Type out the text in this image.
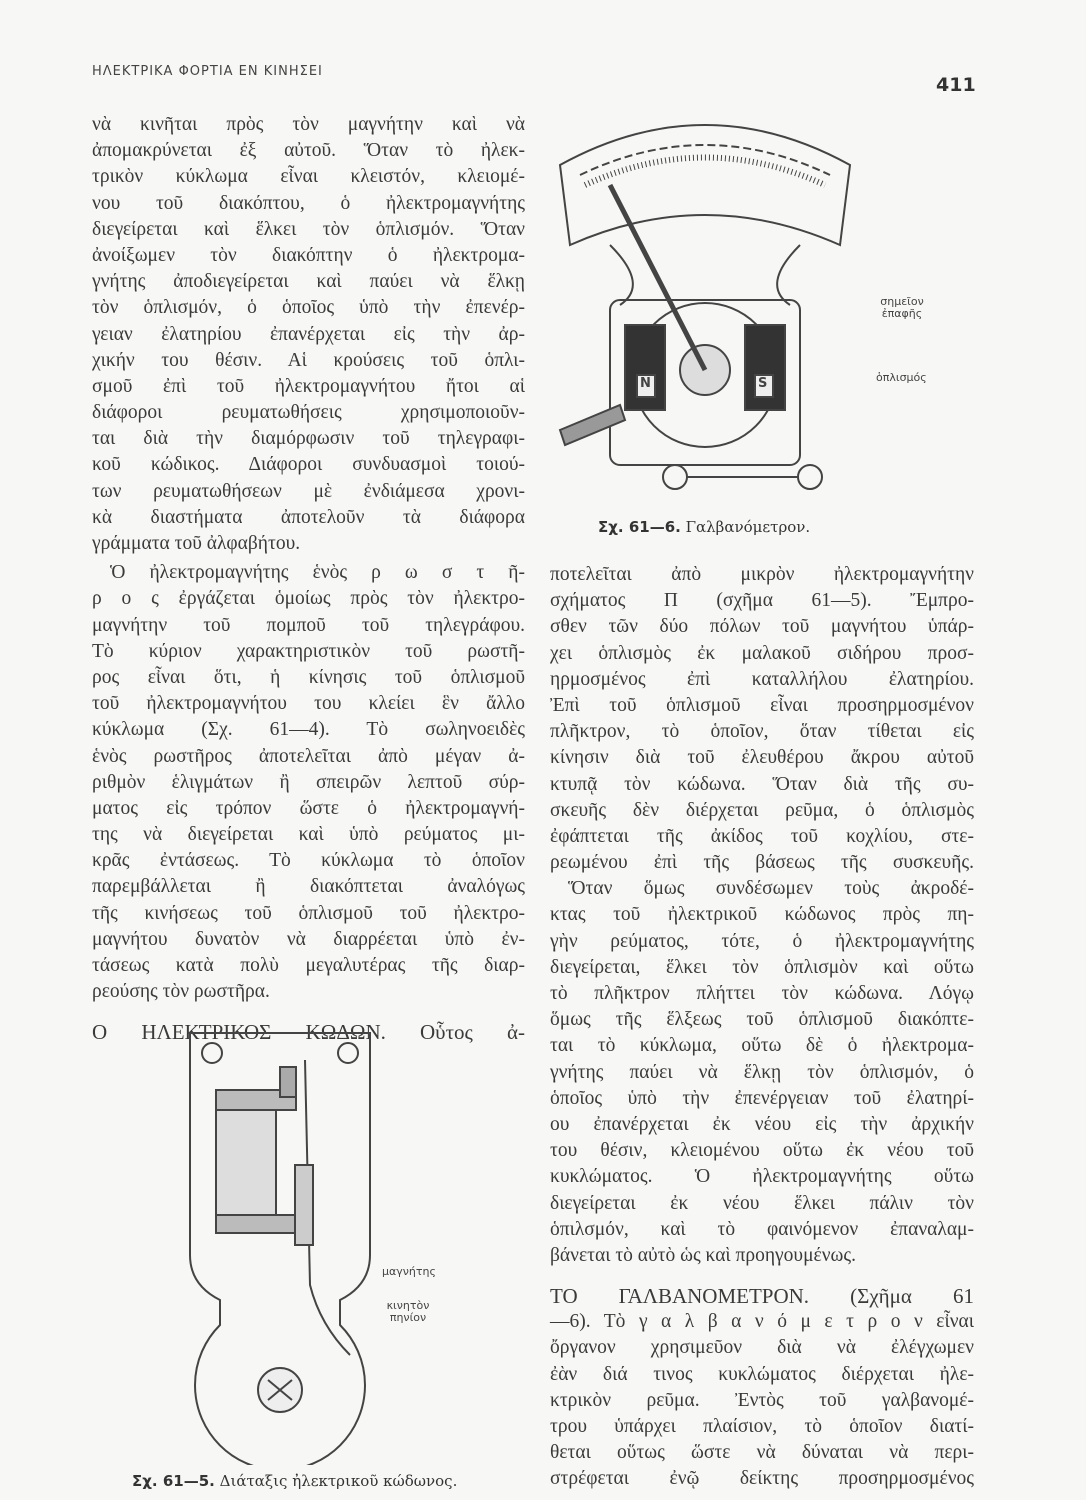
ΗΛΕΚΤΡΙΚΑ ΦΟΡΤΙΑ ΕΝ ΚΙΝΗΣΕΙ
411
νὰ κινῆται πρὸς τὸν μαγνήτην καὶ νὰ
ἀπομακρύνεται ἐξ αὐτοῦ. Ὅταν τὸ ἠλεκ-
τρικὸν κύκλωμα εἶναι κλειστόν, κλειομέ-
νου τοῦ διακόπτου, ὁ ἠλεκτρομαγνήτης
διεγείρεται καὶ ἕλκει τὸν ὁπλισμόν. Ὅταν
ἀνοίξωμεν τὸν διακόπτην ὁ ἠλεκτρομα-
γνήτης ἀποδιεγείρεται καὶ παύει νὰ ἕλκῃ
τὸν ὁπλισμόν, ὁ ὁποῖος ὑπὸ τὴν ἐπενέρ-
γειαν ἐλατηρίου ἐπανέρχεται εἰς τὴν ἀρ-
χικήν του θέσιν. Αἱ κρούσεις τοῦ ὁπλι-
σμοῦ ἐπὶ τοῦ ἠλεκτρομαγνήτου ἤτοι αἱ
διάφοροι ρευματωθήσεις χρησιμοποιοῦν-
ται διὰ τὴν διαμόρφωσιν τοῦ τηλεγραφι-
κοῦ κώδικος. Διάφοροι συνδυασμοὶ τοιού-
των ρευματωθήσεων μὲ ἐνδιάμεσα χρονι-
κὰ διαστήματα ἀποτελοῦν τὰ διάφορα
γράμματα τοῦ ἀλφαβήτου.
Ὁ ἠλεκτρομαγνήτης ἑνὸς ρ ω σ τ ῆ-
ρ ο ς ἐργάζεται ὁμοίως πρὸς τὸν ἠλεκτρο-
μαγνήτην τοῦ πομποῦ τοῦ τηλεγράφου.
Τὸ κύριον χαρακτηριστικὸν τοῦ ρωστῆ-
ρος εἶναι ὅτι, ἡ κίνησις τοῦ ὁπλισμοῦ
τοῦ ἠλεκτρομαγνήτου του κλείει ἓν ἄλλο
κύκλωμα (Σχ. 61—4). Τὸ σωληνοειδὲς
ἑνὸς ρωστῆρος ἀποτελεῖται ἀπὸ μέγαν ἀ-
ριθμὸν ἑλιγμάτων ἢ σπειρῶν λεπτοῦ σύρ-
ματος εἰς τρόπον ὥστε ὁ ἠλεκτρομαγνή-
της νὰ διεγείρεται καὶ ὑπὸ ρεύματος μι-
κρᾶς ἐντάσεως. Τὸ κύκλωμα τὸ ὁποῖον
παρεμβάλλεται ἢ διακόπτεται ἀναλόγως
τῆς κινήσεως τοῦ ὁπλισμοῦ τοῦ ἠλεκτρο-
μαγνήτου δυνατὸν νὰ διαρρέεται ὑπὸ ἐν-
τάσεως κατὰ πολὺ μεγαλυτέρας τῆς διαρ-
ρεούσης τὸν ρωστῆρα.
Ο ΗΛΕΚΤΡΙΚΟΣ ΚΩΔΩΝ. Οὗτος ἀ-
μαγνήτης
κινητὸν πηνίον
Σχ. 61—5. Διάταξις ἠλεκτρικοῦ κώδωνος.
N	S
σημεῖον ἐπαφῆς
ὁπλισμός
Σχ. 61—6. Γαλβανόμετρον.
ποτελεῖται ἀπὸ μικρὸν ἠλεκτρομαγνήτην
σχήματος Π (σχῆμα 61—5). Ἔμπρο-
σθεν τῶν δύο πόλων τοῦ μαγνήτου ὑπάρ-
χει ὁπλισμὸς ἐκ μαλακοῦ σιδήρου προσ-
ηρμοσμένος ἐπὶ καταλλήλου ἐλατηρίου.
Ἐπὶ τοῦ ὁπλισμοῦ εἶναι προσηρμοσμένον
πλῆκτρον, τὸ ὁποῖον, ὅταν τίθεται εἰς
κίνησιν διὰ τοῦ ἐλευθέρου ἄκρου αὐτοῦ
κτυπᾷ τὸν κώδωνα. Ὅταν διὰ τῆς συ-
σκευῆς δὲν διέρχεται ρεῦμα, ὁ ὁπλισμὸς
ἐφάπτεται τῆς ἀκίδος τοῦ κοχλίου, στε-
ρεωμένου ἐπὶ τῆς βάσεως τῆς συσκευῆς.
Ὅταν ὅμως συνδέσωμεν τοὺς ἀκροδέ-
κτας τοῦ ἠλεκτρικοῦ κώδωνος πρὸς πη-
γὴν ρεύματος, τότε, ὁ ἠλεκτρομαγνήτης
διεγείρεται, ἕλκει τὸν ὁπλισμὸν καὶ οὕτω
τὸ πλῆκτρον πλήττει τὸν κώδωνα. Λόγῳ
ὅμως τῆς ἕλξεως τοῦ ὁπλισμοῦ διακόπτε-
ται τὸ κύκλωμα, οὕτω δὲ ὁ ἠλεκτρομα-
γνήτης παύει νὰ ἕλκῃ τὸν ὁπλισμόν, ὁ
ὁποῖος ὑπὸ τὴν ἐπενέργειαν τοῦ ἐλατηρί-
ου ἐπανέρχεται ἐκ νέου εἰς τὴν ἀρχικήν
του θέσιν, κλειομένου οὕτω ἐκ νέου τοῦ
κυκλώματος. Ὁ ἠλεκτρομαγνήτης οὕτω
διεγείρεται ἐκ νέου ἕλκει πάλιν τὸν
ὁπιλσμόν, καὶ τὸ φαινόμενον ἐπαναλαμ-
βάνεται τὸ αὐτὸ ὡς καὶ προηγουμένως.
ΤΟ ΓΑΛΒΑΝΟΜΕΤΡΟΝ. (Σχῆμα 61
—6). Τὸ γ α λ β α ν ό μ ε τ ρ ο ν εἶναι
ὄργανον χρησιμεῦον διὰ νὰ ἐλέγχωμεν
ἐὰν διά τινος κυκλώματος διέρχεται ἠλε-
κτρικὸν ρεῦμα. Ἐντὸς τοῦ γαλβανομέ-
τρου ὑπάρχει πλαίσιον, τὸ ὁποῖον διατί-
θεται οὕτως ὥστε νὰ δύναται νὰ περι-
στρέφεται ἐνῷ δείκτης προσηρμοσμένος
